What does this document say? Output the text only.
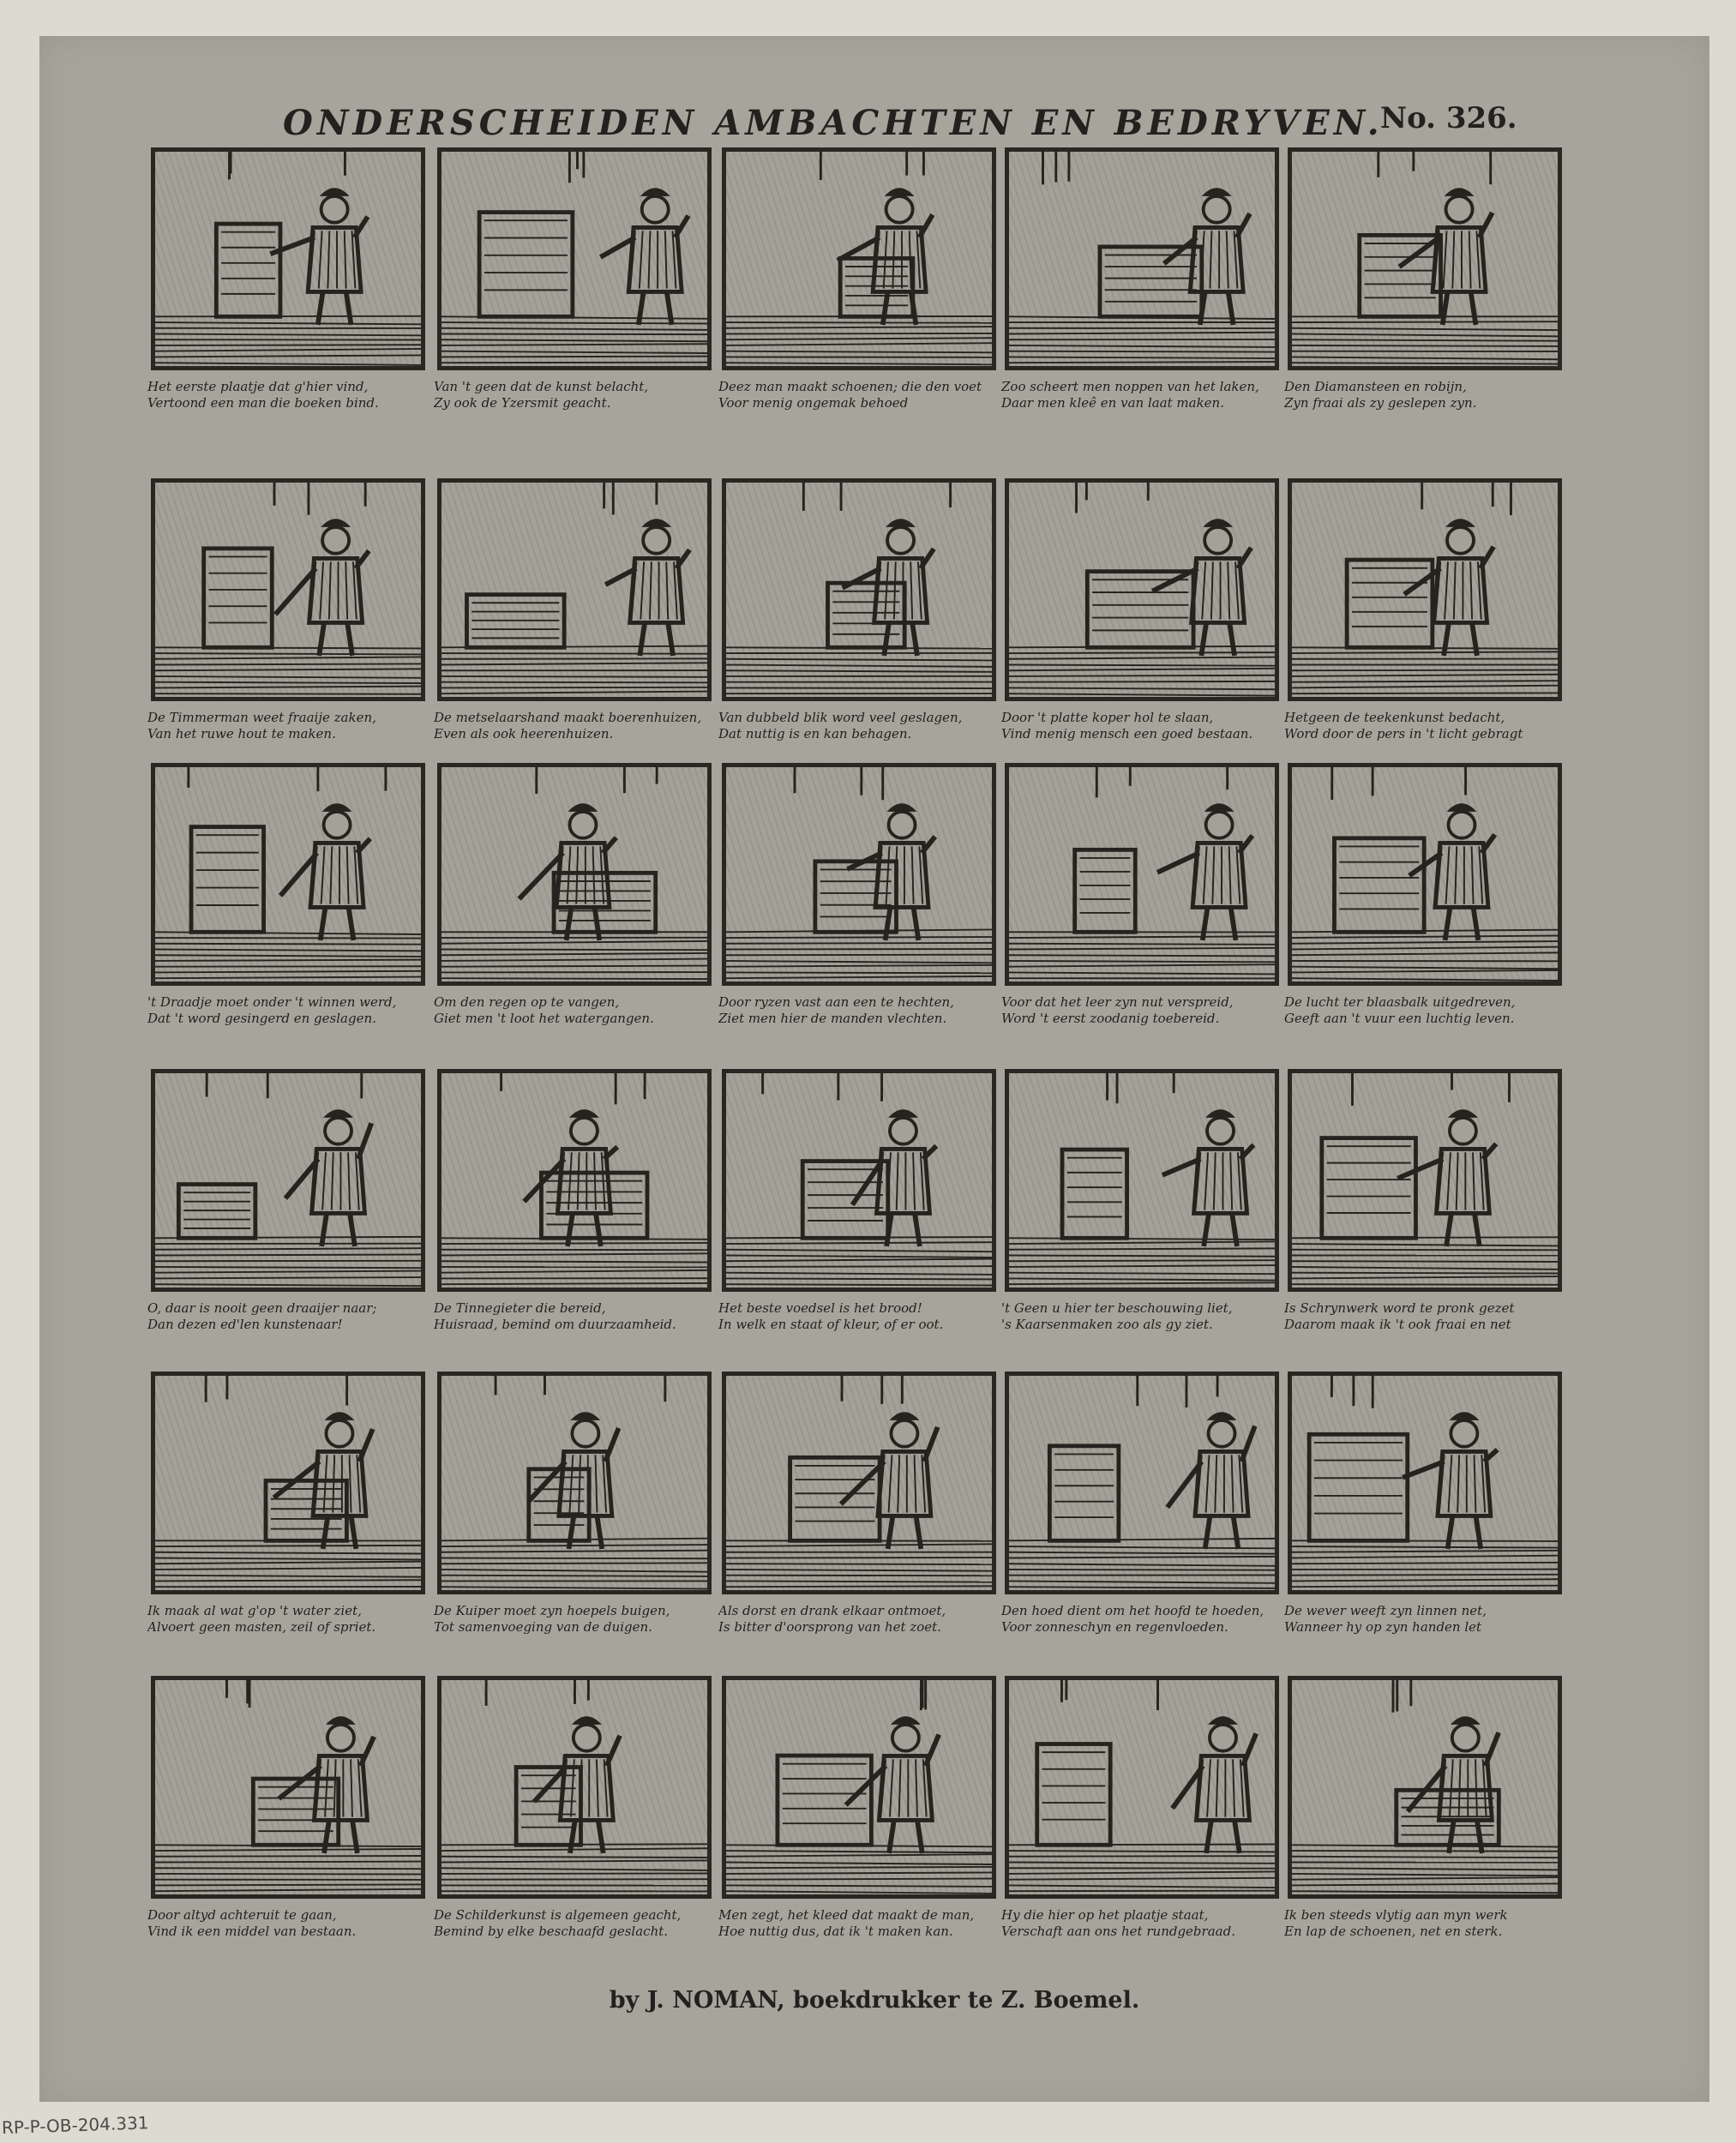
ONDERSCHEIDEN AMBACHTEN EN BEDRYVEN.
No. 326.
Het eerste plaatje dat g'hier vind,
Vertoond een man die boeken bind.
Van 't geen dat de kunst belacht,
Zy ook de Yzersmit geacht.
Deez man maakt schoenen; die den voet
Voor menig ongemak behoed
Zoo scheert men noppen van het laken,
Daar men kleê en van laat maken.
Den Diamansteen en robijn,
Zyn fraai als zy geslepen zyn.
De Timmerman weet fraaije zaken,
Van het ruwe hout te maken.
De metselaarshand maakt boerenhuizen,
Even als ook heerenhuizen.
Van dubbeld blik word veel geslagen,
Dat nuttig is en kan behagen.
Door 't platte koper hol te slaan,
Vind menig mensch een goed bestaan.
Hetgeen de teekenkunst bedacht,
Word door de pers in 't licht gebragt
't Draadje moet onder 't winnen werd,
Dat 't word gesingerd en geslagen.
Om den regen op te vangen,
Giet men 't loot het watergangen.
Door ryzen vast aan een te hechten,
Ziet men hier de manden vlechten.
Voor dat het leer zyn nut verspreid,
Word 't eerst zoodanig toebereid.
De lucht ter blaasbalk uitgedreven,
Geeft aan 't vuur een luchtig leven.
O, daar is nooit geen draaijer naar;
Dan dezen ed'len kunstenaar!
De Tinnegieter die bereid,
Huisraad, bemind om duurzaamheid.
Het beste voedsel is het brood!
In welk en staat of kleur, of er oot.
't Geen u hier ter beschouwing liet,
's Kaarsenmaken zoo als gy ziet.
Is Schrynwerk word te pronk gezet
Daarom maak ik 't ook fraai en net
Ik maak al wat g'op 't water ziet,
Alvoert geen masten, zeil of spriet.
De Kuiper moet zyn hoepels buigen,
Tot samenvoeging van de duigen.
Als dorst en drank elkaar ontmoet,
Is bitter d'oorsprong van het zoet.
Den hoed dient om het hoofd te hoeden,
Voor zonneschyn en regenvloeden.
De wever weeft zyn linnen net,
Wanneer hy op zyn handen let
Door altyd achteruit te gaan,
Vind ik een middel van bestaan.
De Schilderkunst is algemeen geacht,
Bemind by elke beschaafd geslacht.
Men zegt, het kleed dat maakt de man,
Hoe nuttig dus, dat ik 't maken kan.
Hy die hier op het plaatje staat,
Verschaft aan ons het rundgebraad.
Ik ben steeds vlytig aan myn werk
En lap de schoenen, net en sterk.
by J. NOMAN, boekdrukker te Z. Boemel.
RP-P-OB-204.331
